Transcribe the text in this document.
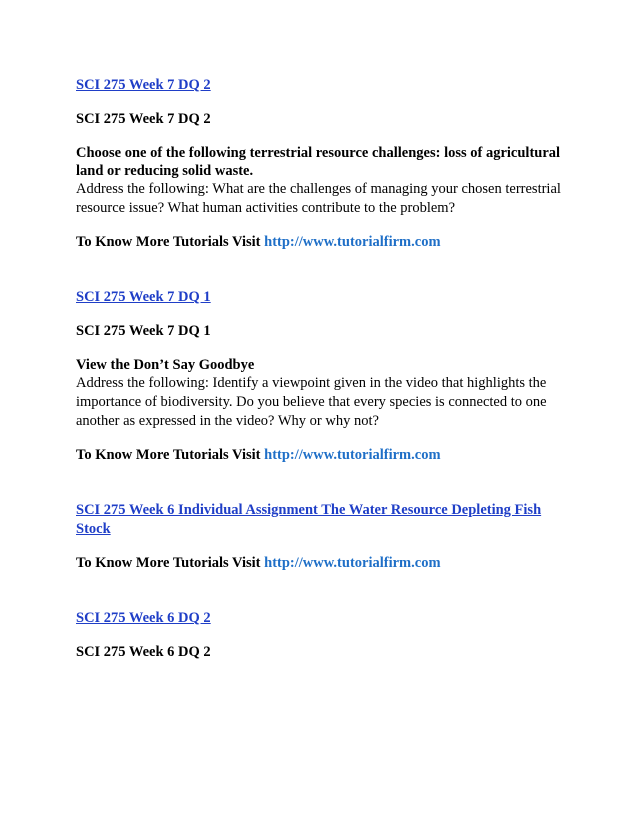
SCI 275 Week 7 DQ 2

SCI 275 Week 7 DQ 2

Choose one of the following terrestrial resource challenges: loss of agricultural land or reducing solid waste.

Address the following: What are the challenges of managing your chosen terrestrial resource issue? What human activities contribute to the problem?

To Know More Tutorials Visit http://www.tutorialfirm.com

SCI 275 Week 7 DQ 1

SCI 275 Week 7 DQ 1

View the Don’t Say Goodbye

Address the following: Identify a viewpoint given in the video that highlights the importance of biodiversity. Do you believe that every species is connected to one another as expressed in the video? Why or why not?

To Know More Tutorials Visit http://www.tutorialfirm.com

SCI 275 Week 6 Individual Assignment The Water Resource Depleting Fish Stock

To Know More Tutorials Visit http://www.tutorialfirm.com

SCI 275 Week 6 DQ 2

SCI 275 Week 6 DQ 2
